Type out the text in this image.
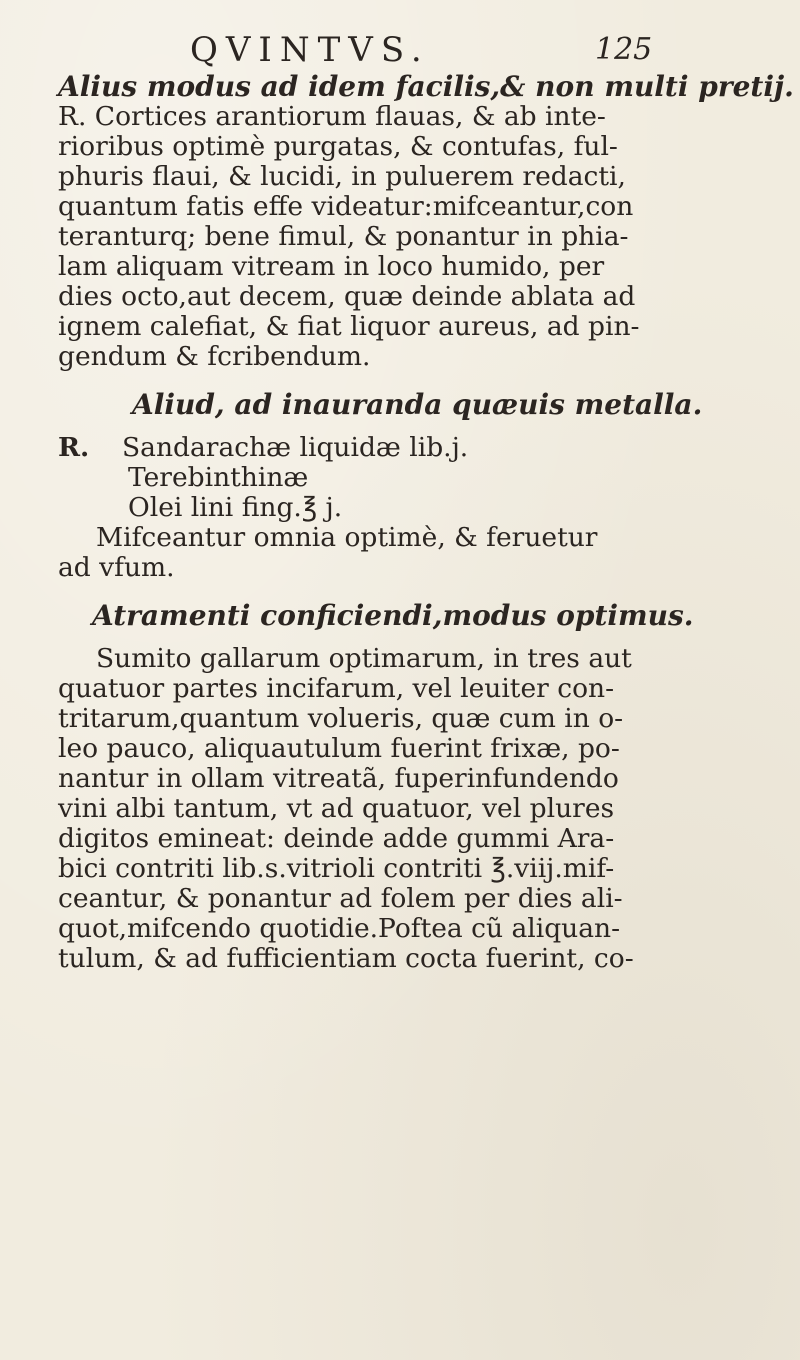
QVINTVS.	125
Alius modus ad idem facilis,& non multi pretij.
R. Cortices arantiorum flauas, & ab inte-
rioribus optimè purgatas, & contufas, ful-
phuris flaui, & lucidi, in puluerem redacti,
quantum fatis effe videatur:mifceantur,con
teranturq; bene fimul, & ponantur in phia-
lam aliquam vitream in loco humido, per
dies octo,aut decem, quæ deinde ablata ad
ignem calefiat, & fiat liquor aureus, ad pin-
gendum & fcribendum.
Aliud, ad inauranda quæuis metalla.
R. Sandarachæ liquidæ lib.j.
Terebinthinæ
Olei lini fing.℥ j.
Mifceantur omnia optimè, & feruetur
ad vfum.
Atramenti conficiendi,modus optimus.
Sumito gallarum optimarum, in tres aut
quatuor partes incifarum, vel leuiter con-
tritarum,quantum volueris, quæ cum in o-
leo pauco, aliquautulum fuerint frixæ, po-
nantur in ollam vitreatã, fuperinfundendo
vini albi tantum, vt ad quatuor, vel plures
digitos emineat: deinde adde gummi Ara-
bici contriti lib.s.vitrioli contriti ℥.viij.mif-
ceantur, & ponantur ad folem per dies ali-
quot,mifcendo quotidie.Poftea cũ aliquan-
tulum, & ad fufficientiam cocta fuerint, co-
